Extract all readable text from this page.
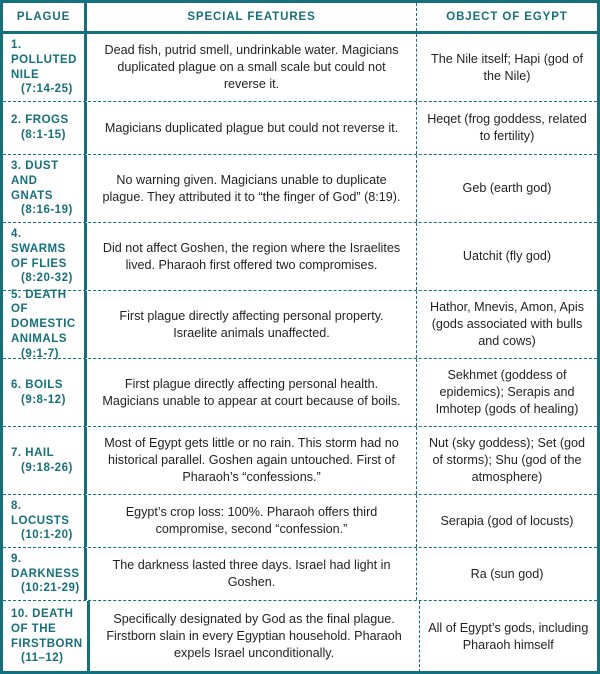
PLAGUE	SPECIAL FEATURES	OBJECT OF EGYPT
1. POLLUTED NILE
(7:14-25)
Dead fish, putrid smell, undrinkable water. Magicians duplicated plague on a small scale but could not reverse it.
The Nile itself; Hapi (god of the Nile)
2. FROGS
(8:1-15)
Magicians duplicated plague but could not reverse it.
Heqet (frog goddess, related to fertility)
3. DUST AND GNATS
(8:16-19)
No warning given. Magicians unable to duplicate plague. They attributed it to “the finger of God” (8:19).
Geb (earth god)
4. SWARMS OF FLIES
(8:20-32)
Did not affect Goshen, the region where the Israelites lived. Pharaoh first offered two compromises.
Uatchit (fly god)
5. DEATH OF DOMESTIC ANIMALS
(9:1-7)
First plague directly affecting personal property. Israelite animals unaffected.
Hathor, Mnevis, Amon, Apis (gods associated with bulls and cows)
6. BOILS
(9:8-12)
First plague directly affecting personal health. Magicians unable to appear at court because of boils.
Sekhmet (goddess of epidemics); Serapis and Imhotep (gods of healing)
7. HAIL
(9:18-26)
Most of Egypt gets little or no rain. This storm had no historical parallel. Goshen again untouched. First of Pharaoh’s “confessions.”
Nut (sky goddess); Set (god of storms); Shu (god of the atmosphere)
8. LOCUSTS
(10:1-20)
Egypt’s crop loss: 100%. Pharaoh offers third compromise, second “confession.”
Serapia (god of locusts)
9. DARKNESS
(10:21-29)
The darkness lasted three days. Israel had light in Goshen.
Ra (sun god)
10. DEATH OF THE FIRSTBORN
(11–12)
Specifically designated by God as the final plague. Firstborn slain in every Egyptian household. Pharaoh expels Israel unconditionally.
All of Egypt’s gods, including Pharaoh himself
